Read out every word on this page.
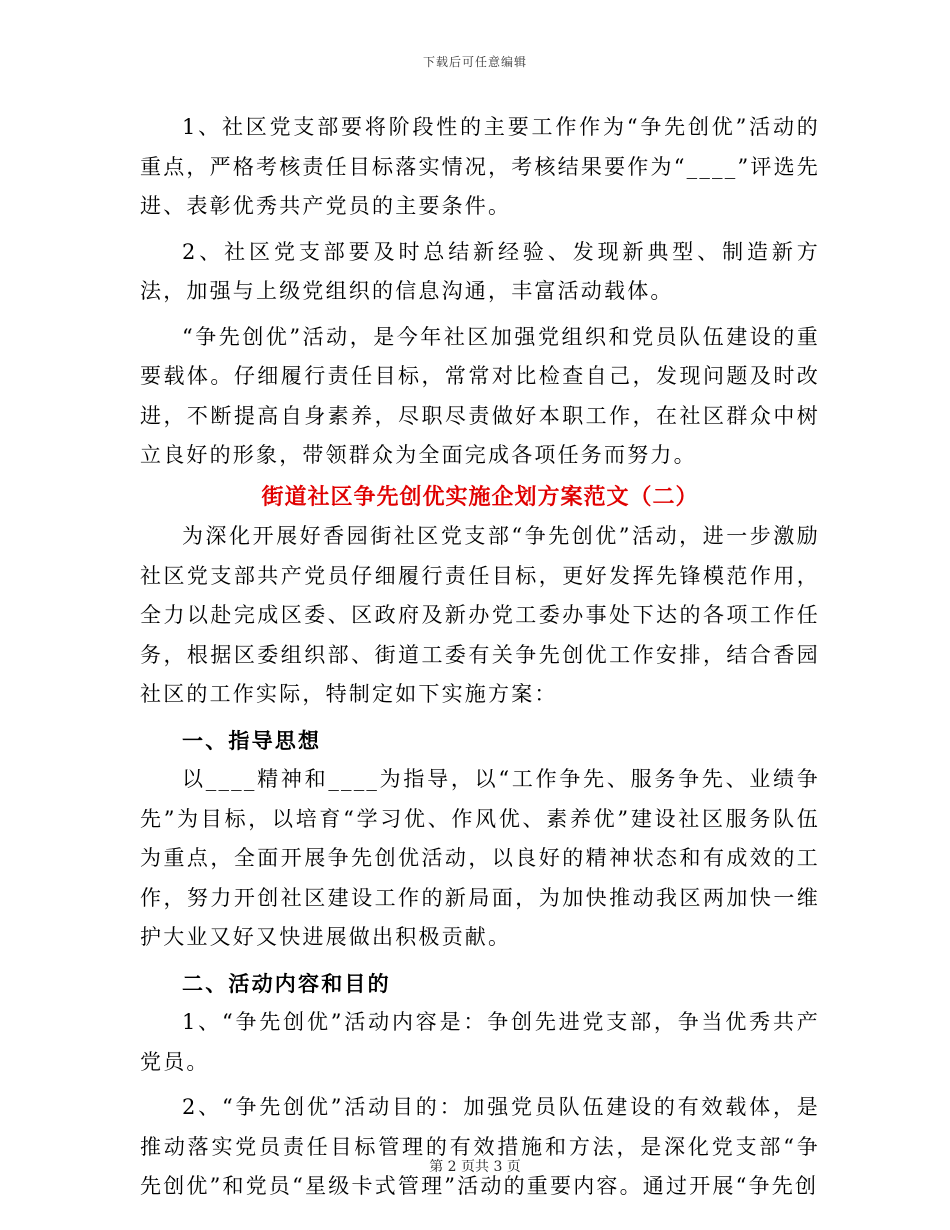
下载后可任意编辑

1、社区党支部要将阶段性的主要工作作为“争先创优”活动的重点，严格考核责任目标落实情况，考核结果要作为“____”评选先进、表彰优秀共产党员的主要条件。

2、社区党支部要及时总结新经验、发现新典型、制造新方法，加强与上级党组织的信息沟通，丰富活动载体。

“争先创优”活动，是今年社区加强党组织和党员队伍建设的重要载体。仔细履行责任目标，常常对比检查自己，发现问题及时改进，不断提高自身素养，尽职尽责做好本职工作，在社区群众中树立良好的形象，带领群众为全面完成各项任务而努力。

街道社区争先创优实施企划方案范文（二）

为深化开展好香园街社区党支部“争先创优”活动，进一步激励社区党支部共产党员仔细履行责任目标，更好发挥先锋模范作用，全力以赴完成区委、区政府及新办党工委办事处下达的各项工作任务，根据区委组织部、街道工委有关争先创优工作安排，结合香园社区的工作实际，特制定如下实施方案：

一、指导思想

以____精神和____为指导，以“工作争先、服务争先、业绩争先”为目标，以培育“学习优、作风优、素养优”建设社区服务队伍为重点，全面开展争先创优活动，以良好的精神状态和有成效的工作，努力开创社区建设工作的新局面，为加快推动我区两加快一维护大业又好又快进展做出积极贡献。

二、活动内容和目的

1、“争先创优”活动内容是：争创先进党支部，争当优秀共产党员。

2、“争先创优”活动目的：加强党员队伍建设的有效载体，是推动落实党员责任目标管理的有效措施和方法，是深化党支部“争先创优”和党员“星级卡式管理”活动的重要内容。通过开展“争先创

第 2 页共 3 页
